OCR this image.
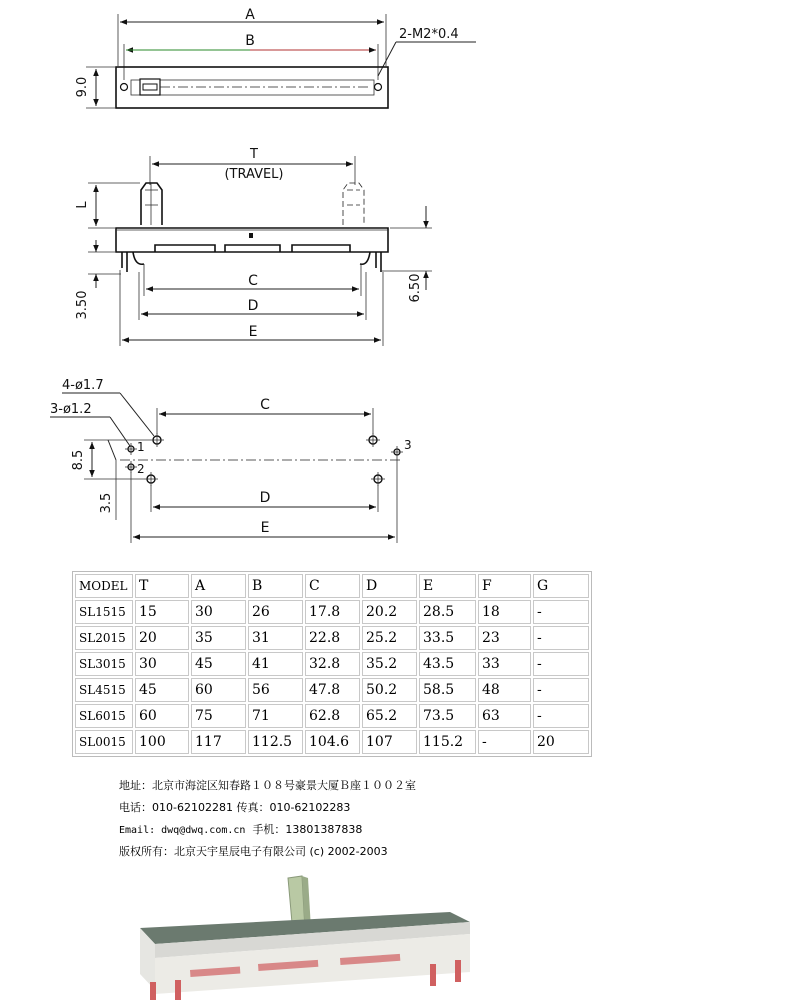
A
B	2-M2*0.4
9.0
T
(TRAVEL)
L
3.50
6.50
C
D
E
4-ø1.7
3-ø1.2	C
1
2
3
8.5
3.5	D
E
MODEL	T	A	B	C	D	E	F	G
SL1515	15	30	26	17.8	20.2	28.5	18	-
SL2015	20	35	31	22.8	25.2	33.5	23	-
SL3015	30	45	41	32.8	35.2	43.5	33	-
SL4515	45	60	56	47.8	50.2	58.5	48	-
SL6015	60	75	71	62.8	65.2	73.5	63	-
SL0015	100	117	112.5	104.6	107	115.2	-	20
地址：北京市海淀区知春路１０８号豪景大厦Ｂ座１００２室
电话：010-62102281 传真：010-62102283
Email: dwq@dwq.com.cn 手机：13801387838
版权所有：北京天宇星辰电子有限公司 (c) 2002-2003
